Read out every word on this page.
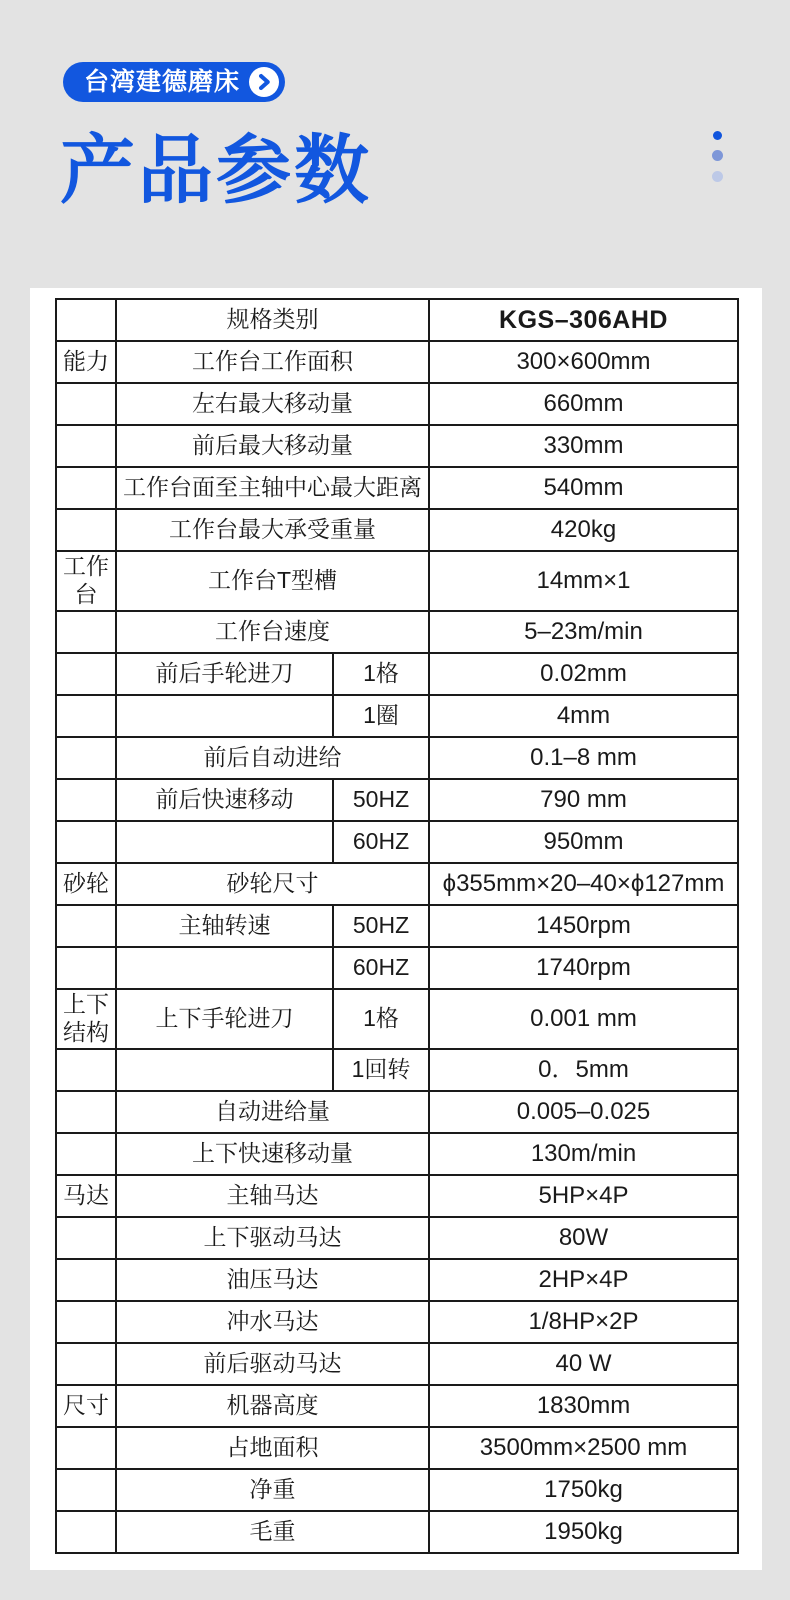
台湾建德磨床
产品参数
	规格类别		KGS–306AHD
能力	工作台工作面积		300×600mm
	左右最大移动量		660mm
	前后最大移动量		330mm
	工作台面至主轴中心最大距离		540mm
	工作台最大承受重量		420kg
工作台	工作台T型槽		14mm×1
	工作台速度		5–23m/min
	前后手轮进刀	1格	0.02mm
		1圈	4mm
	前后自动进给		0.1–8 mm
	前后快速移动	50HZ	790 mm
		60HZ	950mm
砂轮	砂轮尺寸		ϕ355mm×20–40×ϕ127mm
	主轴转速	50HZ	1450rpm
		60HZ	1740rpm
上下结构	上下手轮进刀	1格	0.001 mm
		1回转	0．5mm
	自动进给量		0.005–0.025
	上下快速移动量		130m/min
马达	主轴马达		5HP×4P
	上下驱动马达		80W
	油压马达		2HP×4P
	冲水马达		1/8HP×2P
	前后驱动马达		40 W
尺寸	机器高度		1830mm
	占地面积		3500mm×2500 mm
	净重		1750kg
	毛重		1950kg
